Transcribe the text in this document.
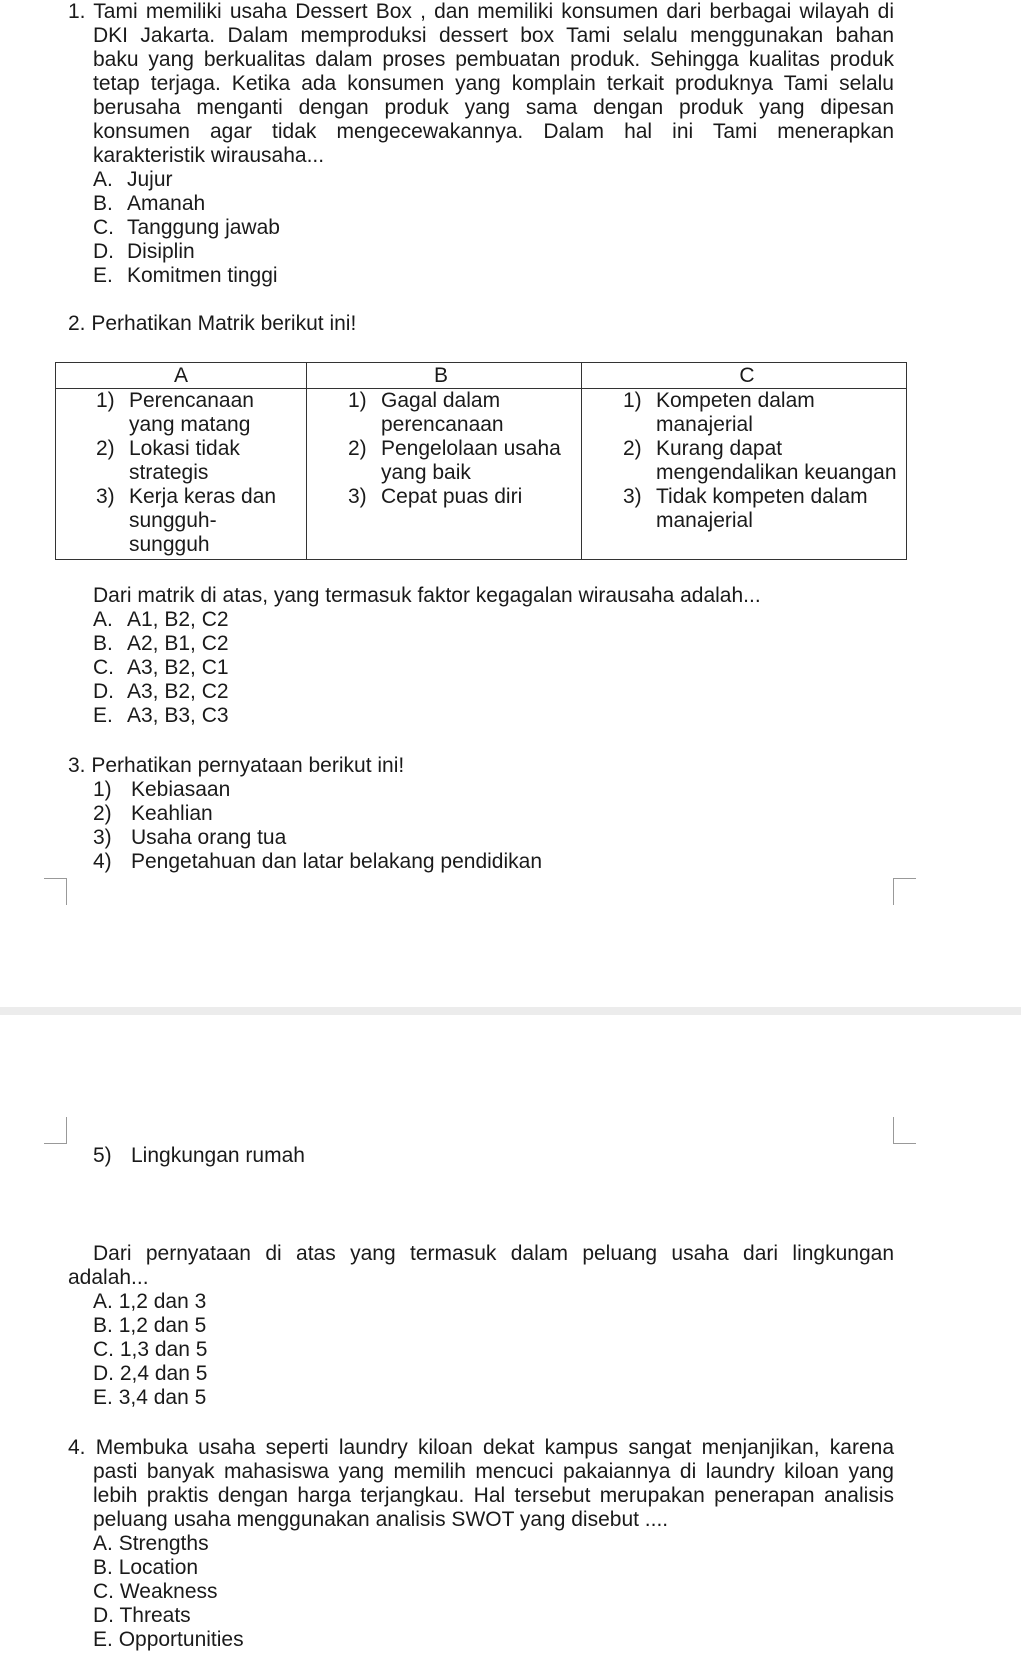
1. Tami memiliki usaha Dessert Box , dan memiliki konsumen dari berbagai wilayah di
DKI Jakarta. Dalam memproduksi dessert box Tami selalu menggunakan bahan
baku yang berkualitas dalam proses pembuatan produk. Sehingga kualitas produk
tetap terjaga. Ketika ada konsumen yang komplain terkait produknya Tami selalu
berusaha menganti dengan produk yang sama dengan produk yang dipesan
konsumen agar tidak mengecewakannya. Dalam hal ini Tami menerapkan
karakteristik wirausaha...
A. Jujur
B. Amanah
C. Tanggung jawab
D. Disiplin
E. Komitmen tinggi
2. Perhatikan Matrik berikut ini!
A	B	C
1) Perencanaan
yang matang
2) Lokasi tidak
strategis
3) Kerja keras dan
sungguh-
sungguh
1) Gagal dalam
perencanaan
2) Pengelolaan usaha
yang baik
3) Cepat puas diri
1) Kompeten dalam
manajerial
2) Kurang dapat
mengendalikan keuangan
3) Tidak kompeten dalam
manajerial
Dari matrik di atas, yang termasuk faktor kegagalan wirausaha adalah...
A. A1, B2, C2
B. A2, B1, C2
C. A3, B2, C1
D. A3, B2, C2
E. A3, B3, C3
3. Perhatikan pernyataan berikut ini!
1) Kebiasaan
2) Keahlian
3) Usaha orang tua
4) Pengetahuan dan latar belakang pendidikan
5) Lingkungan rumah
Dari pernyataan di atas yang termasuk dalam peluang usaha dari lingkungan
adalah...
A. 1,2 dan 3
B. 1,2 dan 5
C. 1,3 dan 5
D. 2,4 dan 5
E. 3,4 dan 5
4. Membuka usaha seperti laundry kiloan dekat kampus sangat menjanjikan, karena
pasti banyak mahasiswa yang memilih mencuci pakaiannya di laundry kiloan yang
lebih praktis dengan harga terjangkau. Hal tersebut merupakan penerapan analisis
peluang usaha menggunakan analisis SWOT yang disebut ....
A. Strengths
B. Location
C. Weakness
D. Threats
E. Opportunities
